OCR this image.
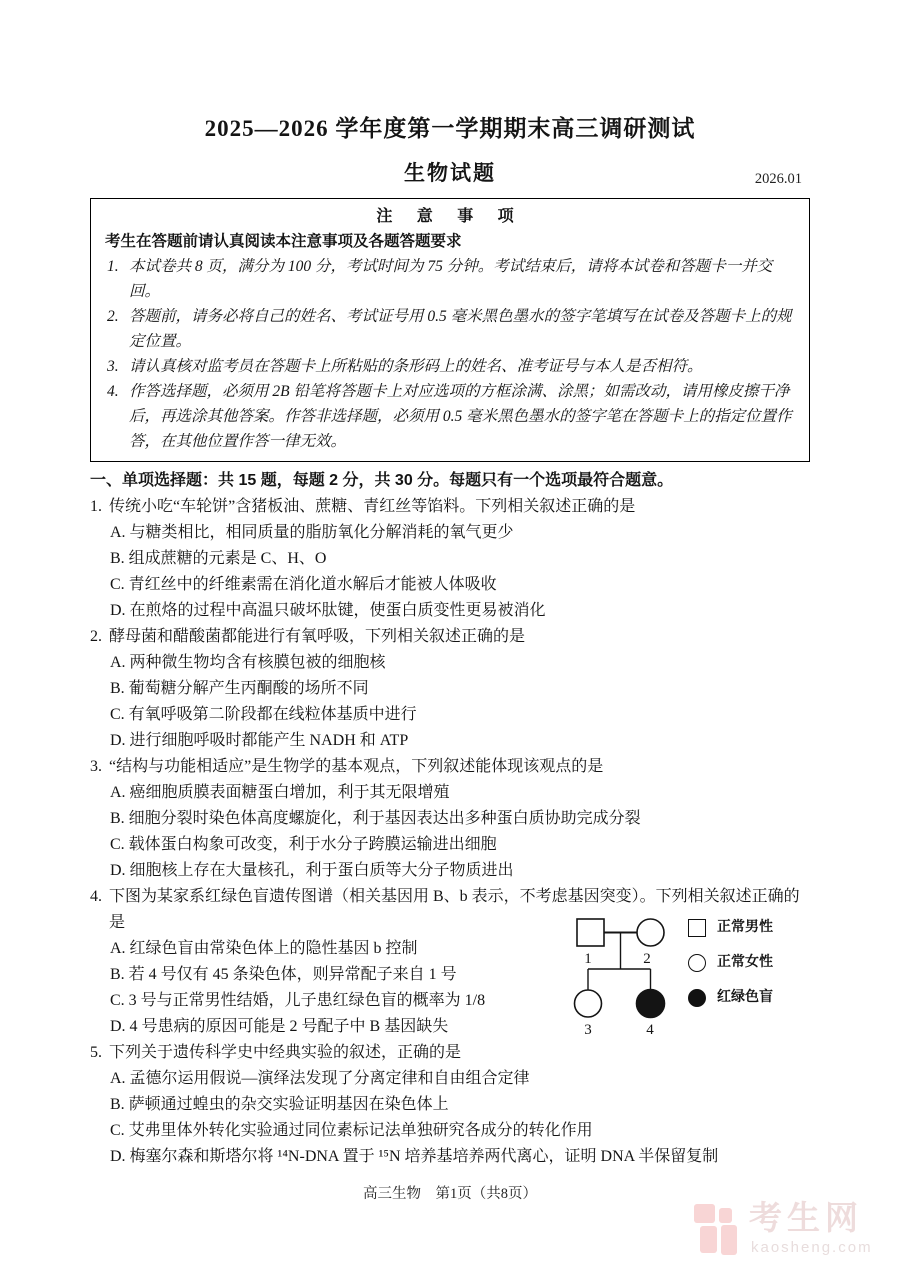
2025—2026 学年度第一学期期末高三调研测试
生物试题	2026.01
注 意 事 项
考生在答题前请认真阅读本注意事项及各题答题要求
1. 本试卷共 8 页，满分为 100 分，考试时间为 75 分钟。考试结束后，请将本试卷和答题卡一并交回。
2. 答题前，请务必将自己的姓名、考试证号用 0.5 毫米黑色墨水的签字笔填写在试卷及答题卡上的规定位置。
3. 请认真核对监考员在答题卡上所粘贴的条形码上的姓名、准考证号与本人是否相符。
4. 作答选择题，必须用 2B 铅笔将答题卡上对应选项的方框涂满、涂黑；如需改动，请用橡皮擦干净后，再选涂其他答案。作答非选择题，必须用 0.5 毫米黑色墨水的签字笔在答题卡上的指定位置作答，在其他位置作答一律无效。
一、单项选择题：共 15 题，每题 2 分，共 30 分。每题只有一个选项最符合题意。
1. 传统小吃“车轮饼”含猪板油、蔗糖、青红丝等馅料。下列相关叙述正确的是
A. 与糖类相比，相同质量的脂肪氧化分解消耗的氧气更少
B. 组成蔗糖的元素是 C、H、O
C. 青红丝中的纤维素需在消化道水解后才能被人体吸收
D. 在煎烙的过程中高温只破坏肽键，使蛋白质变性更易被消化
2. 酵母菌和醋酸菌都能进行有氧呼吸，下列相关叙述正确的是
A. 两种微生物均含有核膜包被的细胞核
B. 葡萄糖分解产生丙酮酸的场所不同
C. 有氧呼吸第二阶段都在线粒体基质中进行
D. 进行细胞呼吸时都能产生 NADH 和 ATP
3. “结构与功能相适应”是生物学的基本观点，下列叙述能体现该观点的是
A. 癌细胞质膜表面糖蛋白增加，利于其无限增殖
B. 细胞分裂时染色体高度螺旋化，利于基因表达出多种蛋白质协助完成分裂
C. 载体蛋白构象可改变，利于水分子跨膜运输进出细胞
D. 细胞核上存在大量核孔，利于蛋白质等大分子物质进出
4. 下图为某家系红绿色盲遗传图谱（相关基因用 B、b 表示，不考虑基因突变）。下列相关叙述正确的是
A. 红绿色盲由常染色体上的隐性基因 b 控制
B. 若 4 号仅有 45 条染色体，则异常配子来自 1 号
C. 3 号与正常男性结婚，儿子患红绿色盲的概率为 1/8
D. 4 号患病的原因可能是 2 号配子中 B 基因缺失
1	2
3	4
正常男性
正常女性
红绿色盲
5. 下列关于遗传科学史中经典实验的叙述，正确的是
A. 孟德尔运用假说—演绎法发现了分离定律和自由组合定律
B. 萨顿通过蝗虫的杂交实验证明基因在染色体上
C. 艾弗里体外转化实验通过同位素标记法单独研究各成分的转化作用
D. 梅塞尔森和斯塔尔将 ¹⁴N-DNA 置于 ¹⁵N 培养基培养两代离心，证明 DNA 半保留复制
高三生物　第1页（共8页）
考生网
kaosheng.com
